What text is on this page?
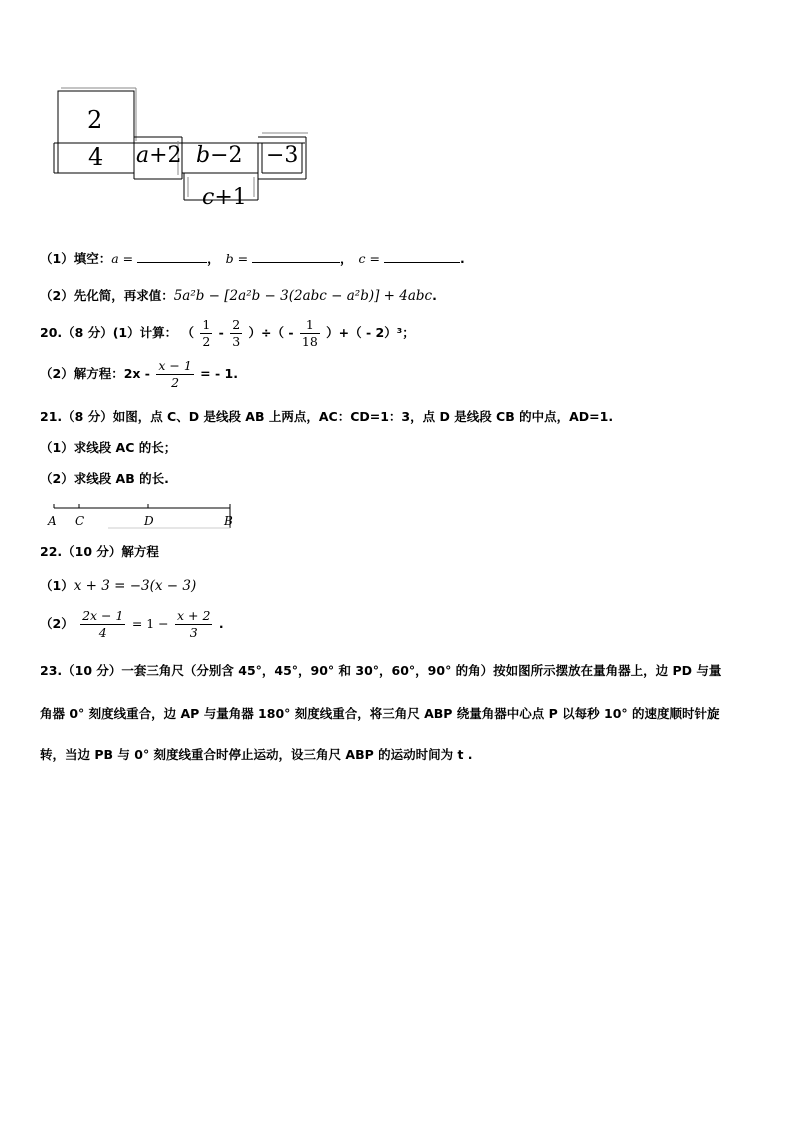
2
4 a+2 b−2 −3
c+1
（1）填空：a =	， b =	， c =	.
（2）先化简，再求值：5a²b − [2a²b − 3(2abc − a²b)] + 4abc.
20.（8 分）(1）计算： （ $\frac{1}{2} - \frac{2}{3}$ ）÷（ - $\frac{1}{18}$ ）+（ - 2）³；
（2）解方程：$2x - \frac{x - 1}{2}$ = - 1.
21.（8 分）如图，点 C、D 是线段 AB 上两点，AC：CD=1：3，点 D 是线段 CB 的中点，AD=1.
（1）求线段 AC 的长；
（2）求线段 AB 的长.
A C	D	B
22.（10 分）解方程
（1）x + 3 = −3(x − 3)
$(2) \frac{2x - 1}{4} = 1 - \frac{x + 2}{3}$ .
23.（10 分）一套三角尺（分别含 45°，45°，90° 和 30°，60°，90° 的角）按如图所示摆放在量角器上，边 PD 与量
角器 0° 刻度线重合，边 AP 与量角器 180° 刻度线重合，将三角尺 ABP 绕量角器中心点 P 以每秒 10° 的速度顺时针旋
转，当边 PB 与 0° 刻度线重合时停止运动，设三角尺 ABP 的运动时间为 t .
